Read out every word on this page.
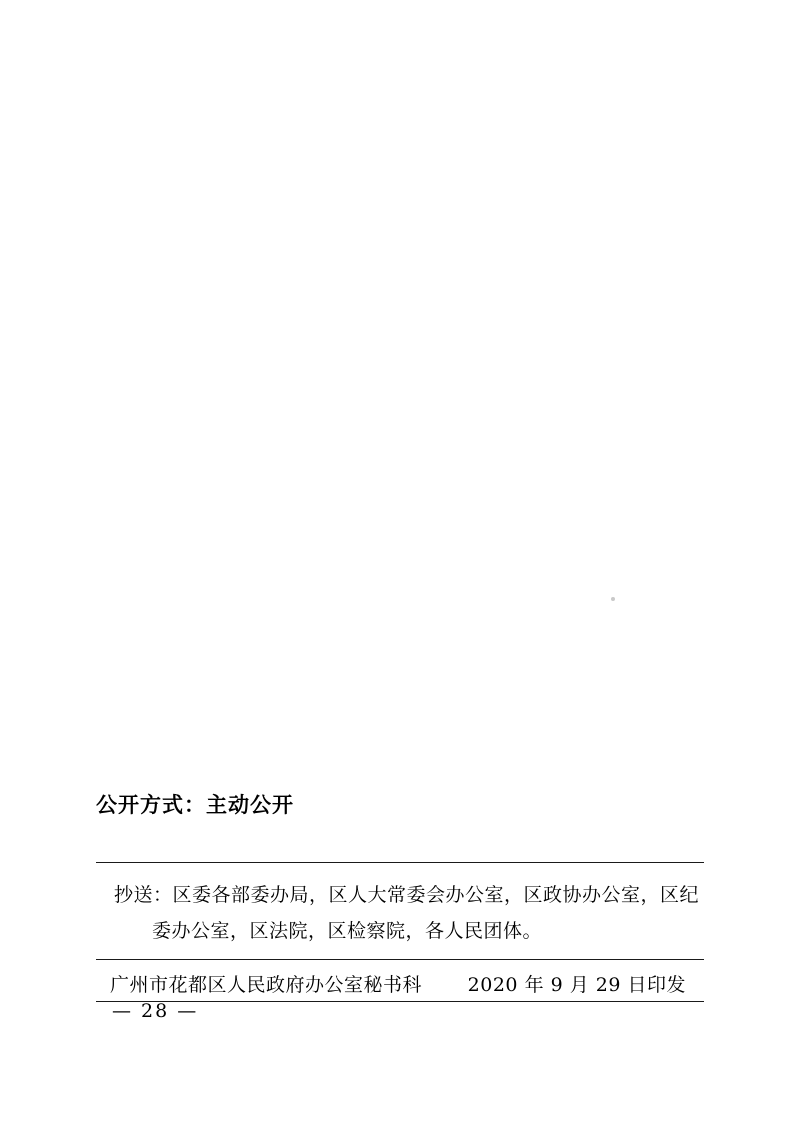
公开方式：主动公开
抄送：区委各部委办局，区人大常委会办公室，区政协办公室，区纪
委办公室，区法院，区检察院，各人民团体。
广州市花都区人民政府办公室秘书科 2020 年 9 月 29 日印发
— 28 —
